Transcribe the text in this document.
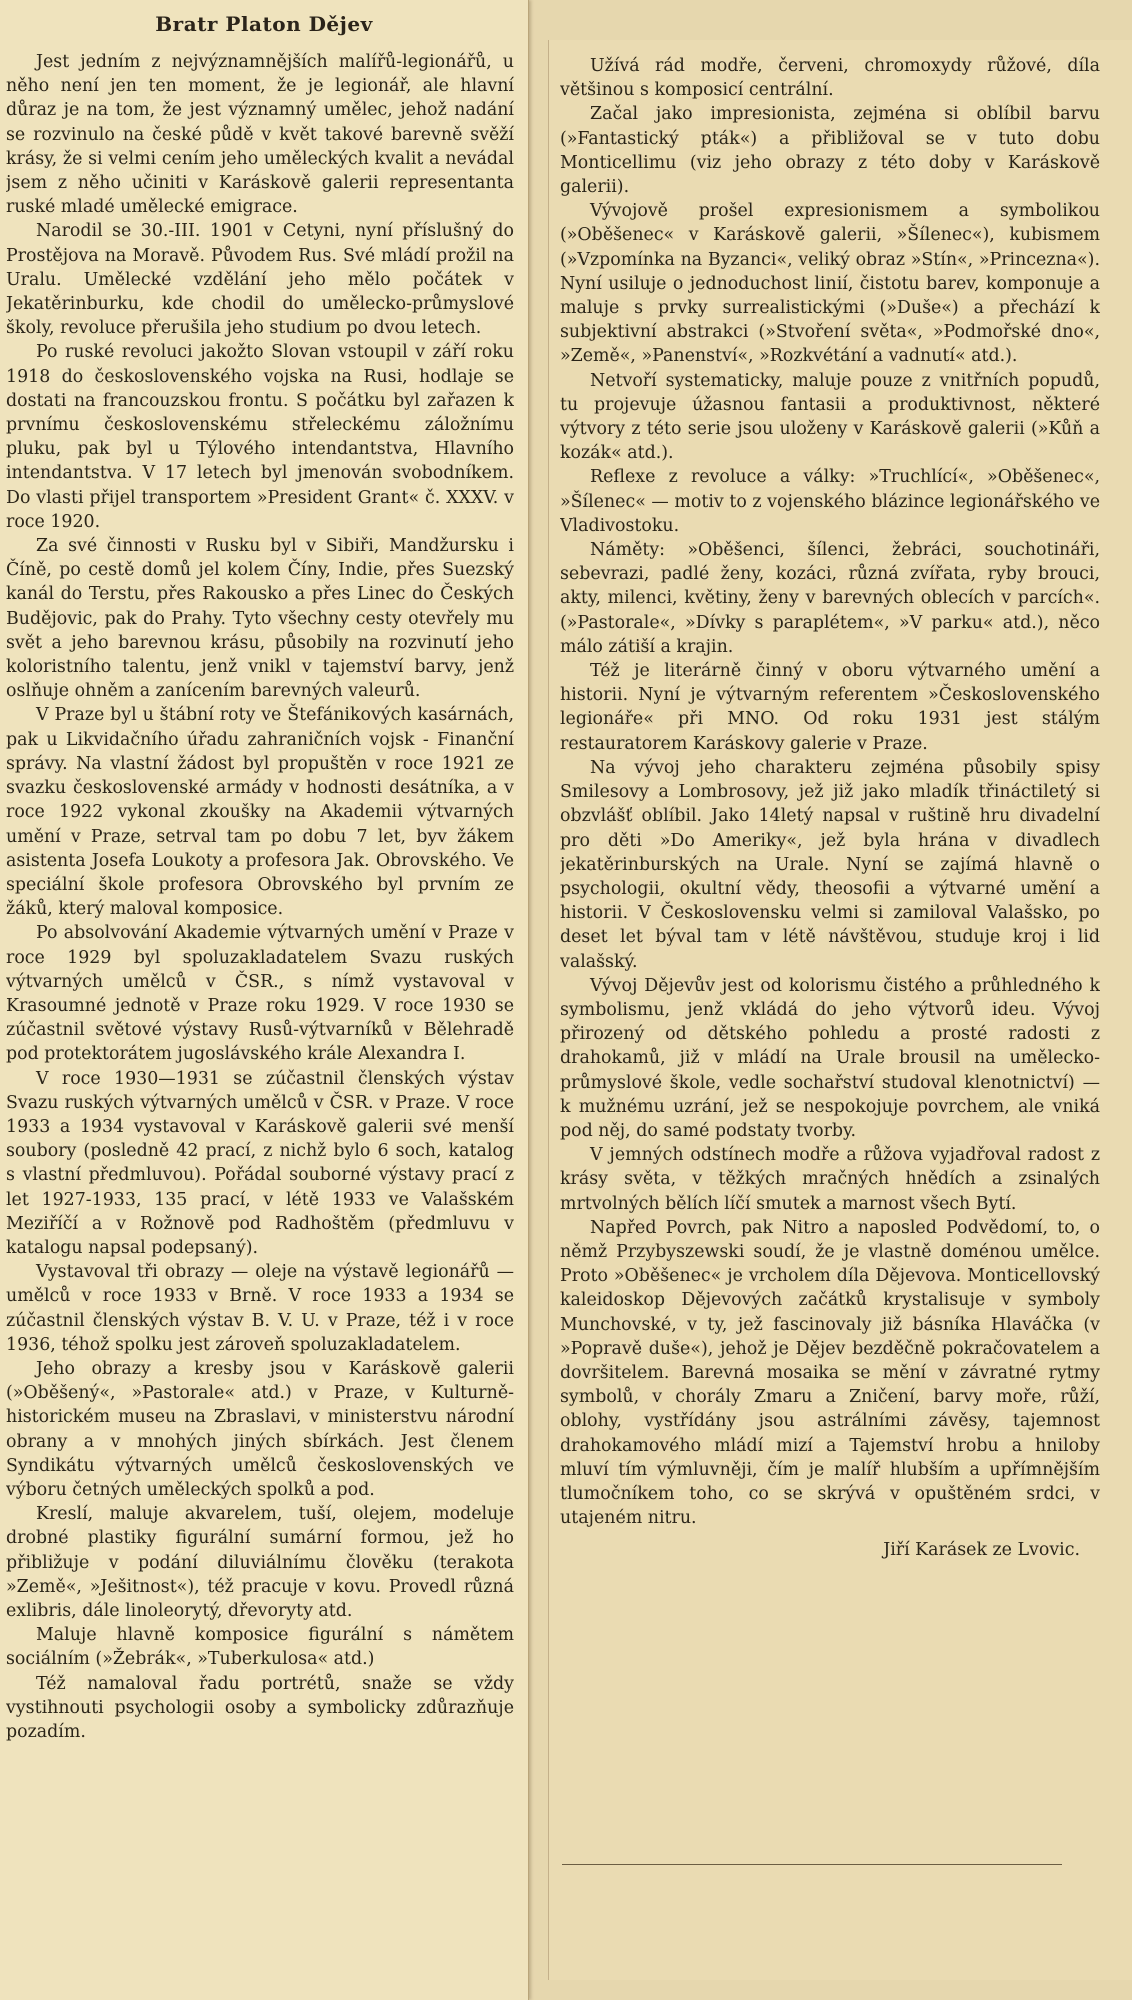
Bratr Platon Dějev

Jest jedním z nejvýznamnějších malířů-legionářů, u něho není jen ten moment, že je legionář, ale hlavní důraz je na tom, že jest významný umělec, jehož nadání se rozvinulo na české půdě v květ takové barevně svěží krásy, že si velmi cením jeho uměleckých kvalit a nevádal jsem z něho učiniti v Karáskově galerii representanta ruské mladé umělecké emigrace.

Narodil se 30.-III. 1901 v Cetyni, nyní příslušný do Prostějova na Moravě. Původem Rus. Své mládí prožil na Uralu. Umělecké vzdělání jeho mělo počátek v Jekatěrinburku, kde chodil do umělecko-průmyslové školy, revoluce přerušila jeho studium po dvou letech.

Po ruské revoluci jakožto Slovan vstoupil v září roku 1918 do československého vojska na Rusi, hodlaje se dostati na francouzskou frontu. S počátku byl zařazen k prvnímu československému střeleckému záložnímu pluku, pak byl u Týlového intendantstva, Hlavního intendantstva. V 17 letech byl jmenován svobodníkem. Do vlasti přijel transportem »President Grant« č. XXXV. v roce 1920.

Za své činnosti v Rusku byl v Sibiři, Mandžursku i Číně, po cestě domů jel kolem Číny, Indie, přes Suezský kanál do Terstu, přes Rakousko a přes Linec do Českých Budějovic, pak do Prahy. Tyto všechny cesty otevřely mu svět a jeho barevnou krásu, působily na rozvinutí jeho koloristního talentu, jenž vnikl v tajemství barvy, jenž oslňuje ohněm a zanícením barevných valeurů.

V Praze byl u štábní roty ve Štefánikových kasárnách, pak u Likvidačního úřadu zahraničních vojsk - Finanční správy. Na vlastní žádost byl propuštěn v roce 1921 ze svazku československé armády v hodnosti desátníka, a v roce 1922 vykonal zkoušky na Akademii výtvarných umění v Praze, setrval tam po dobu 7 let, byv žákem asistenta Josefa Loukoty a profesora Jak. Obrovského. Ve speciální škole profesora Obrovského byl prvním ze žáků, který maloval komposice.

Po absolvování Akademie výtvarných umění v Praze v roce 1929 byl spoluzakladatelem Svazu ruských výtvarných umělců v ČSR., s nímž vystavoval v Krasoumné jednotě v Praze roku 1929. V roce 1930 se zúčastnil světové výstavy Rusů-výtvarníků v Bělehradě pod protektorátem jugoslávského krále Alexandra I.

V roce 1930—1931 se zúčastnil členských výstav Svazu ruských výtvarných umělců v ČSR. v Praze. V roce 1933 a 1934 vystavoval v Karáskově galerii své menší soubory (posledně 42 prací, z nichž bylo 6 soch, katalog s vlastní předmluvou). Pořádal souborné výstavy prací z let 1927-1933, 135 prací, v létě 1933 ve Valašském Meziříčí a v Rožnově pod Radhoštěm (předmluvu v katalogu napsal podepsaný).

Vystavoval tři obrazy — oleje na výstavě legionářů — umělců v roce 1933 v Brně. V roce 1933 a 1934 se zúčastnil členských výstav B. V. U. v Praze, též i v roce 1936, téhož spolku jest zároveň spoluzakladatelem.

Jeho obrazy a kresby jsou v Karáskově galerii (»Oběšený«, »Pastorale« atd.) v Praze, v Kulturně-historickém museu na Zbraslavi, v ministerstvu národní obrany a v mnohých jiných sbírkách. Jest členem Syndikátu výtvarných umělců československých ve výboru četných uměleckých spolků a pod.

Kreslí, maluje akvarelem, tuší, olejem, modeluje drobné plastiky figurální sumární formou, jež ho přibližuje v podání diluviálnímu člověku (terakota »Země«, »Ješitnost«), též pracuje v kovu. Provedl různá exlibris, dále linoleorytý, dřevoryty atd.

Maluje hlavně komposice figurální s námětem sociálním (»Žebrák«, »Tuberkulosa« atd.)

Též namaloval řadu portrétů, snaže se vždy vystihnouti psychologii osoby a symbolicky zdůrazňuje pozadím.

Užívá rád modře, červeni, chromoxydy růžové, díla většinou s komposicí centrální.

Začal jako impresionista, zejména si oblíbil barvu (»Fantastický pták«) a přibližoval se v tuto dobu Monticellimu (viz jeho obrazy z této doby v Karáskově galerii).

Vývojově prošel expresionismem a symbolikou (»Oběšenec« v Karáskově galerii, »Šílenec«), kubismem (»Vzpomínka na Byzanci«, veliký obraz »Stín«, »Princezna«). Nyní usiluje o jednoduchost linií, čistotu barev, komponuje a maluje s prvky surrealistickými (»Duše«) a přechází k subjektivní abstrakci (»Stvoření světa«, »Podmořské dno«, »Země«, »Panenství«, »Rozkvétání a vadnutí« atd.).

Netvoří systematicky, maluje pouze z vnitřních popudů, tu projevuje úžasnou fantasii a produktivnost, některé výtvory z této serie jsou uloženy v Karáskově galerii (»Kůň a kozák« atd.).

Reflexe z revoluce a války: »Truchlící«, »Oběšenec«, »Šílenec« — motiv to z vojenského blázince legionářského ve Vladivostoku.

Náměty: »Oběšenci, šílenci, žebráci, souchotináři, sebevrazi, padlé ženy, kozáci, různá zvířata, ryby brouci, akty, milenci, květiny, ženy v barevných oblecích v parcích«. (»Pastorale«, »Dívky s paraplétem«, »V parku« atd.), něco málo zátiší a krajin.

Též je literárně činný v oboru výtvarného umění a historii. Nyní je výtvarným referentem »Československého legionáře« při MNO. Od roku 1931 jest stálým restauratorem Karáskovy galerie v Praze.

Na vývoj jeho charakteru zejména působily spisy Smilesovy a Lombrosovy, jež již jako mladík třináctiletý si obzvlášť oblíbil. Jako 14letý napsal v ruštině hru divadelní pro děti »Do Ameriky«, jež byla hrána v divadlech jekatěrinburských na Urale. Nyní se zajímá hlavně o psychologii, okultní vědy, theosofii a výtvarné umění a historii. V Československu velmi si zamiloval Valašsko, po deset let býval tam v létě návštěvou, studuje kroj i lid valašský.

Vývoj Dějevův jest od kolorismu čistého a průhledného k symbolismu, jenž vkládá do jeho výtvorů ideu. Vývoj přirozený od dětského pohledu a prosté radosti z drahokamů, již v mládí na Urale brousil na umělecko-průmyslové škole, vedle sochařství studoval klenotnictví) — k mužnému uzrání, jež se nespokojuje povrchem, ale vniká pod něj, do samé podstaty tvorby.

V jemných odstínech modře a růžova vyjadřoval radost z krásy světa, v těžkých mračných hnědích a zsinalých mrtvolných bělích líčí smutek a marnost všech Bytí.

Napřed Povrch, pak Nitro a naposled Podvědomí, to, o němž Przybyszewski soudí, že je vlastně doménou umělce. Proto »Oběšenec« je vrcholem díla Dějevova. Monticellovský kaleidoskop Dějevových začátků krystalisuje v symboly Munchovské, v ty, jež fascinovaly již básníka Hlaváčka (v »Popravě duše«), jehož je Dějev bezděčně pokračovatelem a dovršitelem. Barevná mosaika se mění v závratné rytmy symbolů, v chorály Zmaru a Zničení, barvy moře, růží, oblohy, vystřídány jsou astrálními závěsy, tajemnost drahokamového mládí mizí a Tajemství hrobu a hniloby mluví tím výmluvněji, čím je malíř hlubším a upřímnějším tlumočníkem toho, co se skrývá v opuštěném srdci, v utajeném nitru.

Jiří Karásek ze Lvovic.
